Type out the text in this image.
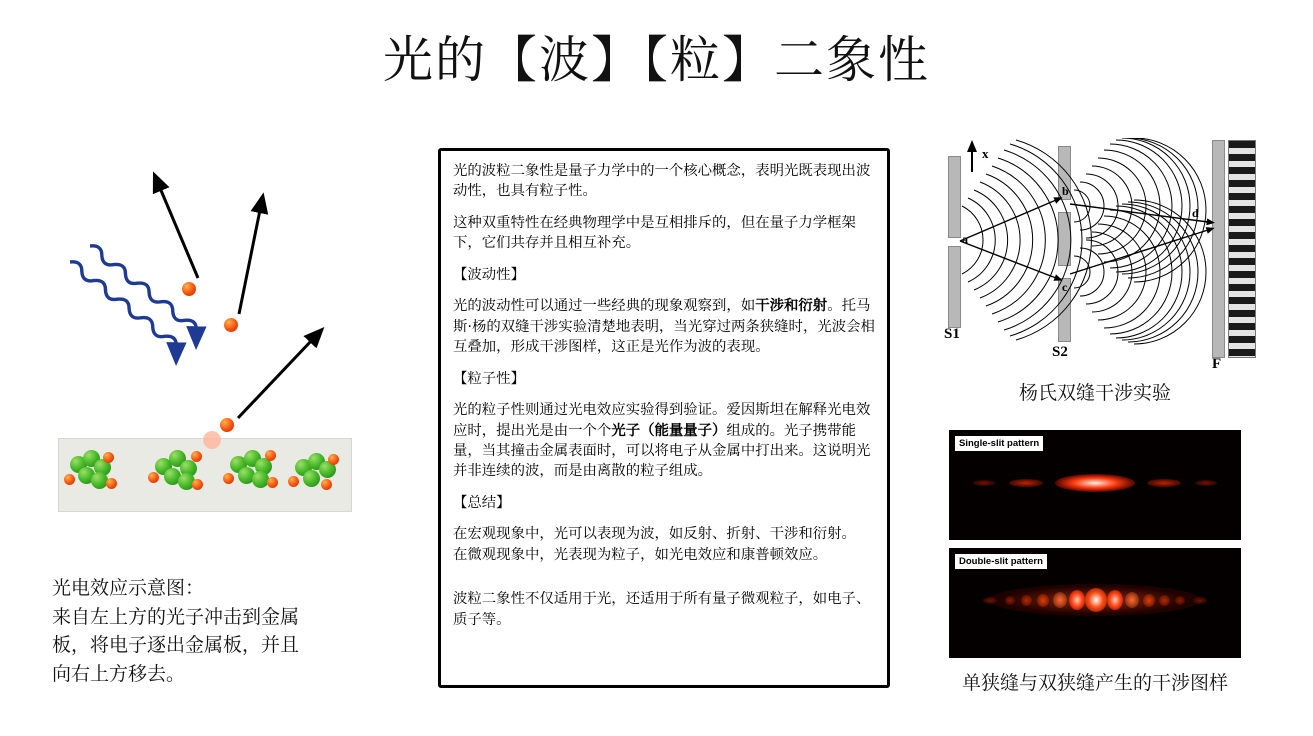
光的【波】【粒】二象性
光电效应示意图：
来自左上方的光子冲击到金属
板，将电子逐出金属板，并且
向右上方移去。

光的波粒二象性是量子力学中的一个核心概念，表明光既表现出波动性，也具有粒子性。

这种双重特性在经典物理学中是互相排斥的，但在量子力学框架下，它们共存并且相互补充。

【波动性】

光的波动性可以通过一些经典的现象观察到，如干涉和衍射。托马斯·杨的双缝干涉实验清楚地表明，当光穿过两条狭缝时，光波会相互叠加，形成干涉图样，这正是光作为波的表现。

【粒子性】

光的粒子性则通过光电效应实验得到验证。爱因斯坦在解释光电效应时，提出光是由一个个光子（能量量子）组成的。光子携带能量，当其撞击金属表面时，可以将电子从金属中打出来。这说明光并非连续的波，而是由离散的粒子组成。

【总结】

在宏观现象中，光可以表现为波，如反射、折射、干涉和衍射。

在微观现象中，光表现为粒子，如光电效应和康普顿效应。

波粒二象性不仅适用于光，还适用于所有量子微观粒子，如电子、质子等。

x
a
b
c
d
S1
S2
F
杨氏双缝干涉实验
Single-slit pattern
Double-slit pattern
单狭缝与双狭缝产生的干涉图样
